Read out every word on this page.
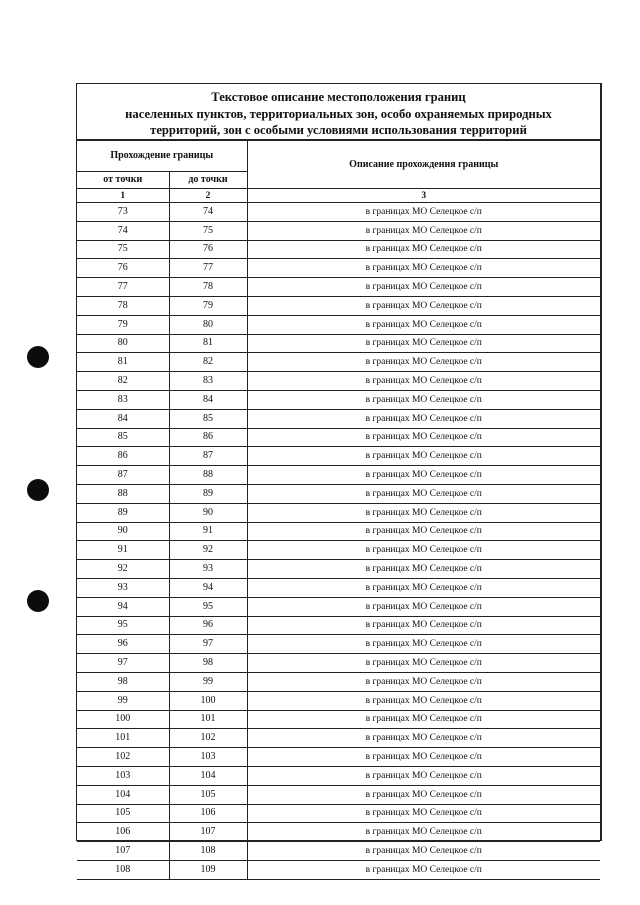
Текстовое описание местоположения границ
населенных пунктов, территориальных зон, особо охраняемых природных
территорий, зон с особыми условиями использования территорий
Прохождение границы		Описание прохождения границы
от точки	до точки	
1	2	3
73	74	в границах МО Селецкое с/п
74	75	в границах МО Селецкое с/п
75	76	в границах МО Селецкое с/п
76	77	в границах МО Селецкое с/п
77	78	в границах МО Селецкое с/п
78	79	в границах МО Селецкое с/п
79	80	в границах МО Селецкое с/п
80	81	в границах МО Селецкое с/п
81	82	в границах МО Селецкое с/п
82	83	в границах МО Селецкое с/п
83	84	в границах МО Селецкое с/п
84	85	в границах МО Селецкое с/п
85	86	в границах МО Селецкое с/п
86	87	в границах МО Селецкое с/п
87	88	в границах МО Селецкое с/п
88	89	в границах МО Селецкое с/п
89	90	в границах МО Селецкое с/п
90	91	в границах МО Селецкое с/п
91	92	в границах МО Селецкое с/п
92	93	в границах МО Селецкое с/п
93	94	в границах МО Селецкое с/п
94	95	в границах МО Селецкое с/п
95	96	в границах МО Селецкое с/п
96	97	в границах МО Селецкое с/п
97	98	в границах МО Селецкое с/п
98	99	в границах МО Селецкое с/п
99	100	в границах МО Селецкое с/п
100	101	в границах МО Селецкое с/п
101	102	в границах МО Селецкое с/п
102	103	в границах МО Селецкое с/п
103	104	в границах МО Селецкое с/п
104	105	в границах МО Селецкое с/п
105	106	в границах МО Селецкое с/п
106	107	в границах МО Селецкое с/п
107	108	в границах МО Селецкое с/п
108	109	в границах МО Селецкое с/п
